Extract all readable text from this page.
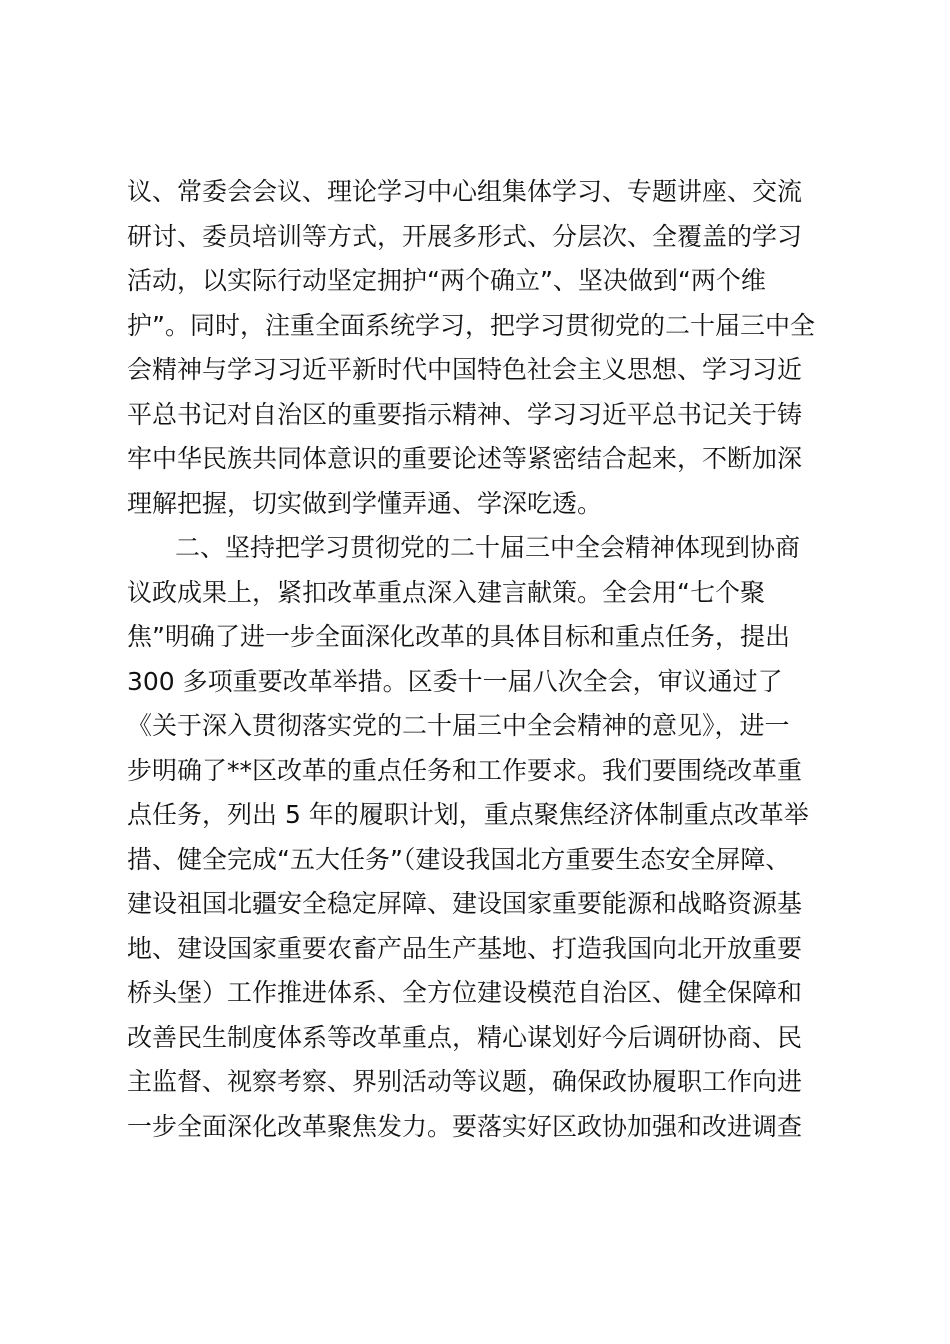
议、常委会会议、理论学习中心组集体学习、专题讲座、交流
研讨、委员培训等方式，开展多形式、分层次、全覆盖的学习
活动，以实际行动坚定拥护“两个确立”、坚决做到“两个维
护”。同时，注重全面系统学习，把学习贯彻党的二十届三中全
会精神与学习习近平新时代中国特色社会主义思想、学习习近
平总书记对自治区的重要指示精神、学习习近平总书记关于铸
牢中华民族共同体意识的重要论述等紧密结合起来，不断加深
理解把握，切实做到学懂弄通、学深吃透。
二、坚持把学习贯彻党的二十届三中全会精神体现到协商
议政成果上，紧扣改革重点深入建言献策。全会用“七个聚
焦”明确了进一步全面深化改革的具体目标和重点任务，提出
300 多项重要改革举措。区委十一届八次全会，审议通过了
《关于深入贯彻落实党的二十届三中全会精神的意见》，进一
步明确了**区改革的重点任务和工作要求。我们要围绕改革重
点任务，列出 5 年的履职计划，重点聚焦经济体制重点改革举
措、健全完成“五大任务”（建设我国北方重要生态安全屏障、
建设祖国北疆安全稳定屏障、建设国家重要能源和战略资源基
地、建设国家重要农畜产品生产基地、打造我国向北开放重要
桥头堡）工作推进体系、全方位建设模范自治区、健全保障和
改善民生制度体系等改革重点，精心谋划好今后调研协商、民
主监督、视察考察、界别活动等议题，确保政协履职工作向进
一步全面深化改革聚焦发力。要落实好区政协加强和改进调查
